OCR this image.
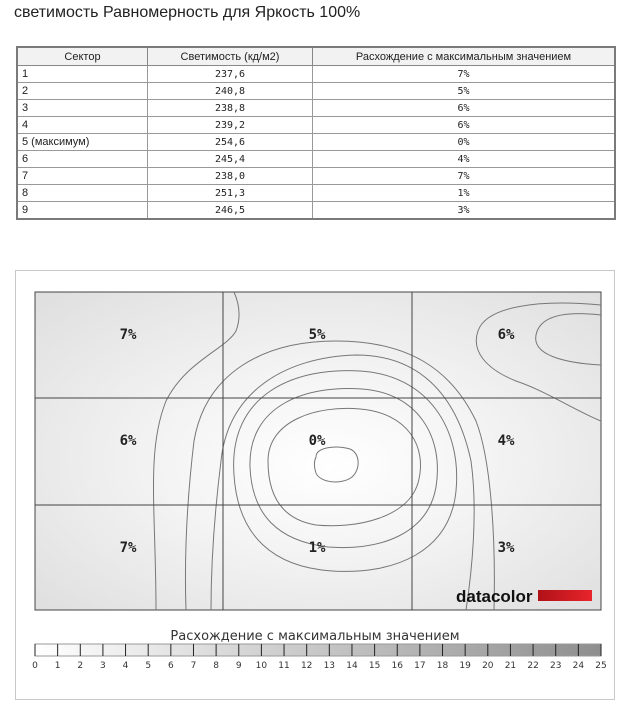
светимость Равномерность для Яркость 100%
Сектор	Светимость (кд/м2)	Расхождение с максимальным значением
1	237,6	7%
2	240,8	5%
3	238,8	6%
4	239,2	6%
5 (максимум)	254,6	0%
6	245,4	4%
7	238,0	7%
8	251,3	1%
9	246,5	3%
7%	5%	6%
6%	0%	4%
7%	1%	3%
datacolor
Расхождение с максимальным значением
0	1	2	3	4	5	6	7	8	9	10	11	12	13	14	15	16	17	18	19	20	21	22	23	24	25
